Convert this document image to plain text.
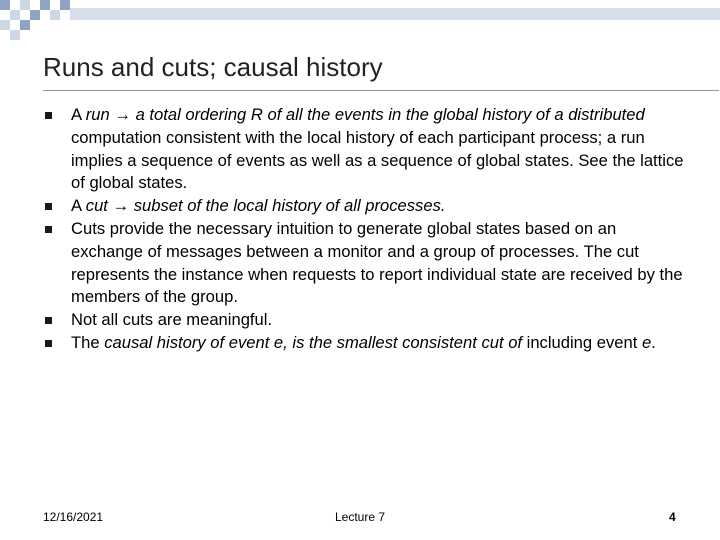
Runs and cuts; causal history
A run → a total ordering R of all the events in the global history of a distributed computation consistent with the local history of each participant process; a run implies a sequence of events as well as a sequence of global states. See the lattice of global states.
A cut → subset of the local history of all processes.
Cuts provide the necessary intuition to generate global states based on an exchange of messages between a monitor and a group of processes. The cut represents the instance when requests to report individual state are received by the members of the group.
Not all cuts are meaningful.
The causal history of event e, is the smallest consistent cut of including event e.
12/16/2021	Lecture 7	4
